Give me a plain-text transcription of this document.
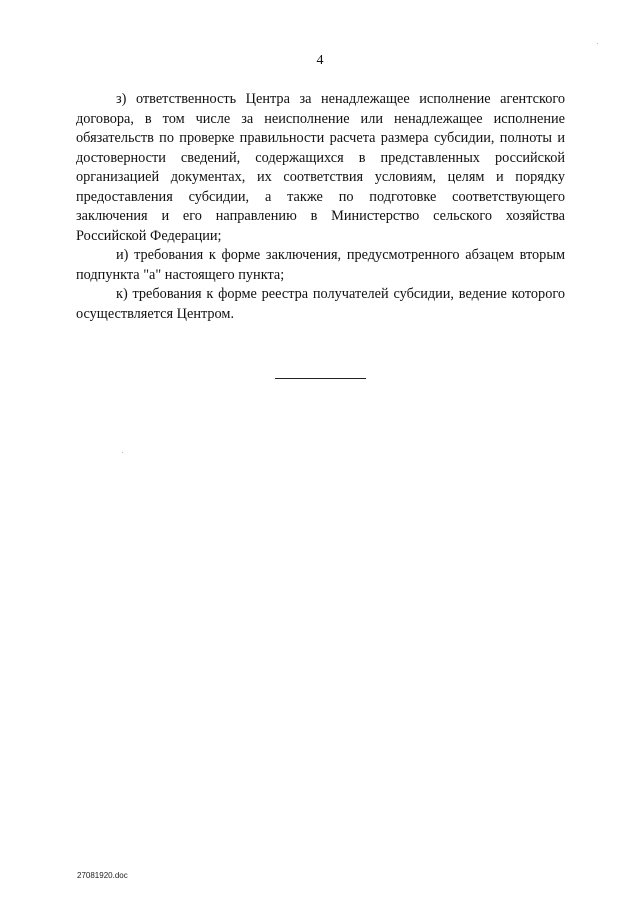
4

з) ответственность Центра за ненадлежащее исполнение агентского договора, в том числе за неисполнение или ненадлежащее исполнение обязательств по проверке правильности расчета размера субсидии, полноты и достоверности сведений, содержащихся в представленных российской организацией документах, их соответствия условиям, целям и порядку предоставления субсидии, а также по подготовке соответствующего заключения и его направлению в Министерство сельского хозяйства Российской Федерации;

и) требования к форме заключения, предусмотренного абзацем вторым подпункта "а" настоящего пункта;

к) требования к форме реестра получателей субсидии, ведение которого осуществляется Центром.

27081920.doc
